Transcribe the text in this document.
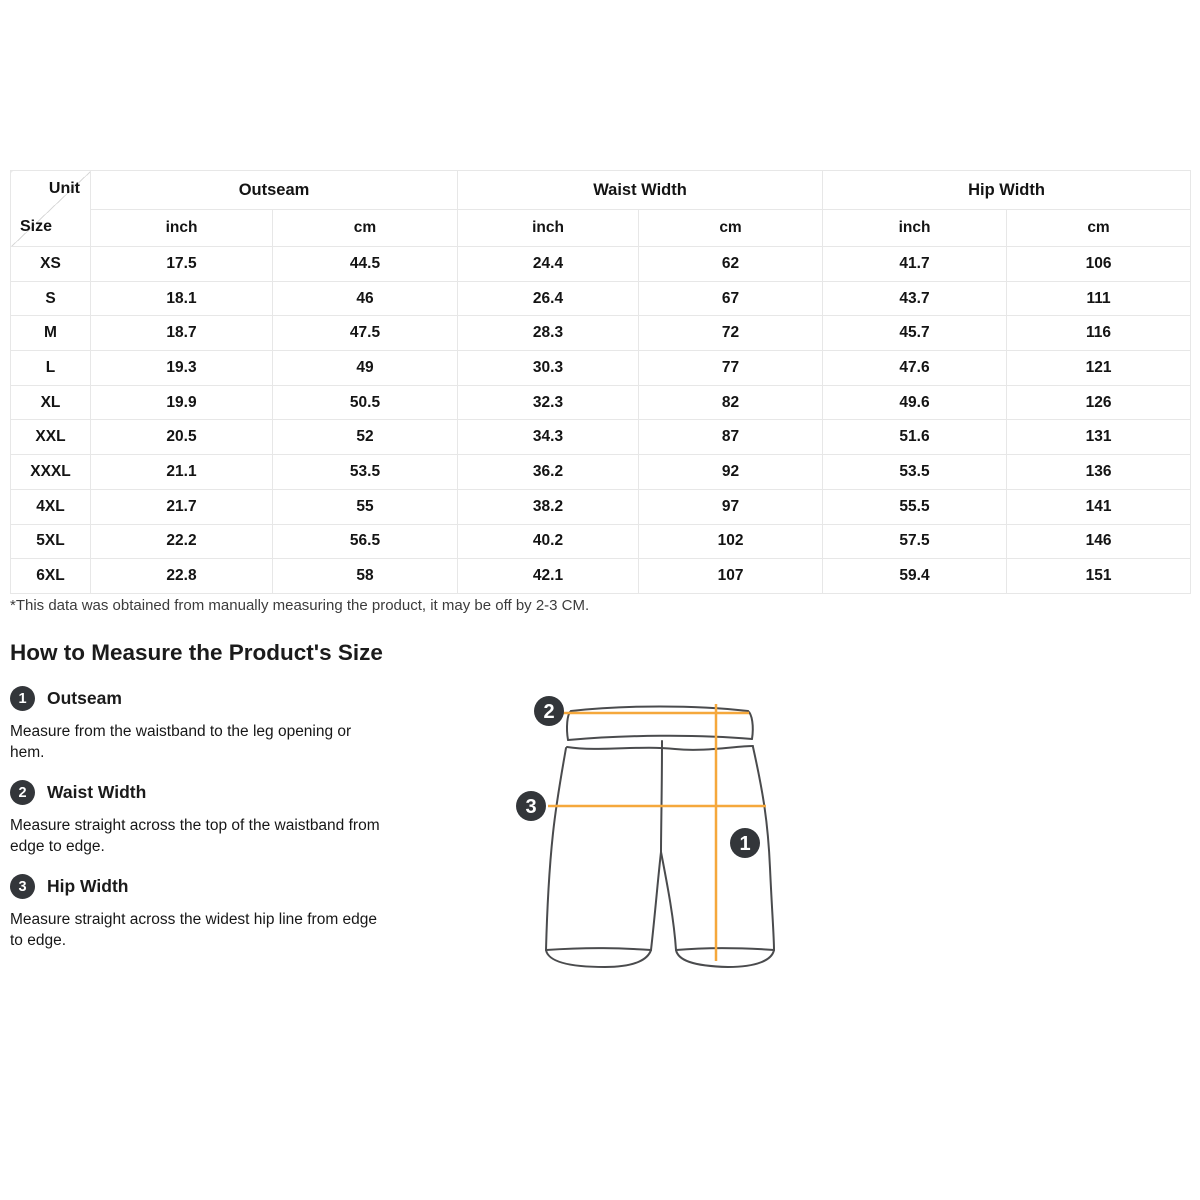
Unit
Size	Outseam		Waist Width		Hip Width	
	inch	cm	inch	cm	inch	cm
XS	17.5	44.5	24.4	62	41.7	106
S	18.1	46	26.4	67	43.7	111
M	18.7	47.5	28.3	72	45.7	116
L	19.3	49	30.3	77	47.6	121
XL	19.9	50.5	32.3	82	49.6	126
XXL	20.5	52	34.3	87	51.6	131
XXXL	21.1	53.5	36.2	92	53.5	136
4XL	21.7	55	38.2	97	55.5	141
5XL	22.2	56.5	40.2	102	57.5	146
6XL	22.8	58	42.1	107	59.4	151
*This data was obtained from manually measuring the product, it may be off by 2-3 CM.
How to Measure the Product's Size
1	Outseam
Measure from the waistband to the leg opening or
hem.
2	Waist Width
Measure straight across the top of the waistband from
edge to edge.
3	Hip Width
Measure straight across the widest hip line from edge
to edge.
2
3
1
